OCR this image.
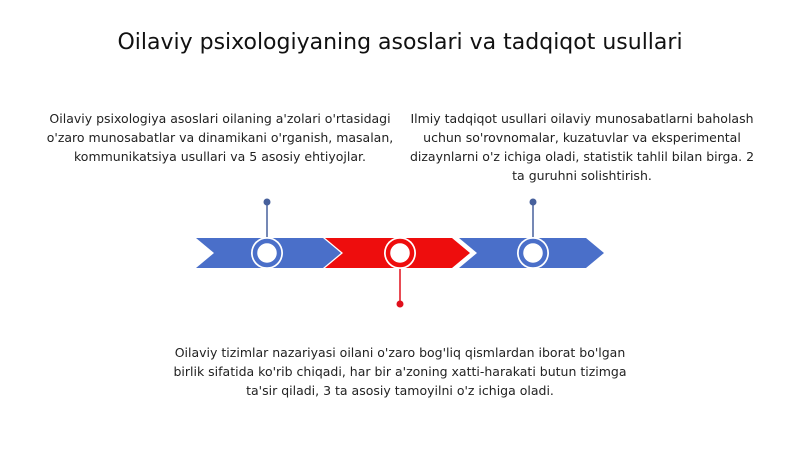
Oilaviy psixologiyaning asoslari va tadqiqot usullari
Oilaviy psixologiya asoslari oilaning a'zolari o'rtasidagi o'zaro munosabatlar va dinamikani o'rganish, masalan, kommunikatsiya usullari va 5 asosiy ehtiyojlar.
Ilmiy tadqiqot usullari oilaviy munosabatlarni baholash uchun so'rovnomalar, kuzatuvlar va eksperimental dizaynlarni o'z ichiga oladi, statistik tahlil bilan birga. 2 ta guruhni solishtirish.
Oilaviy tizimlar nazariyasi oilani o'zaro bog'liq qismlardan iborat bo'lgan birlik sifatida ko'rib chiqadi, har bir a'zoning xatti-harakati butun tizimga ta'sir qiladi, 3 ta asosiy tamoyilni o'z ichiga oladi.
